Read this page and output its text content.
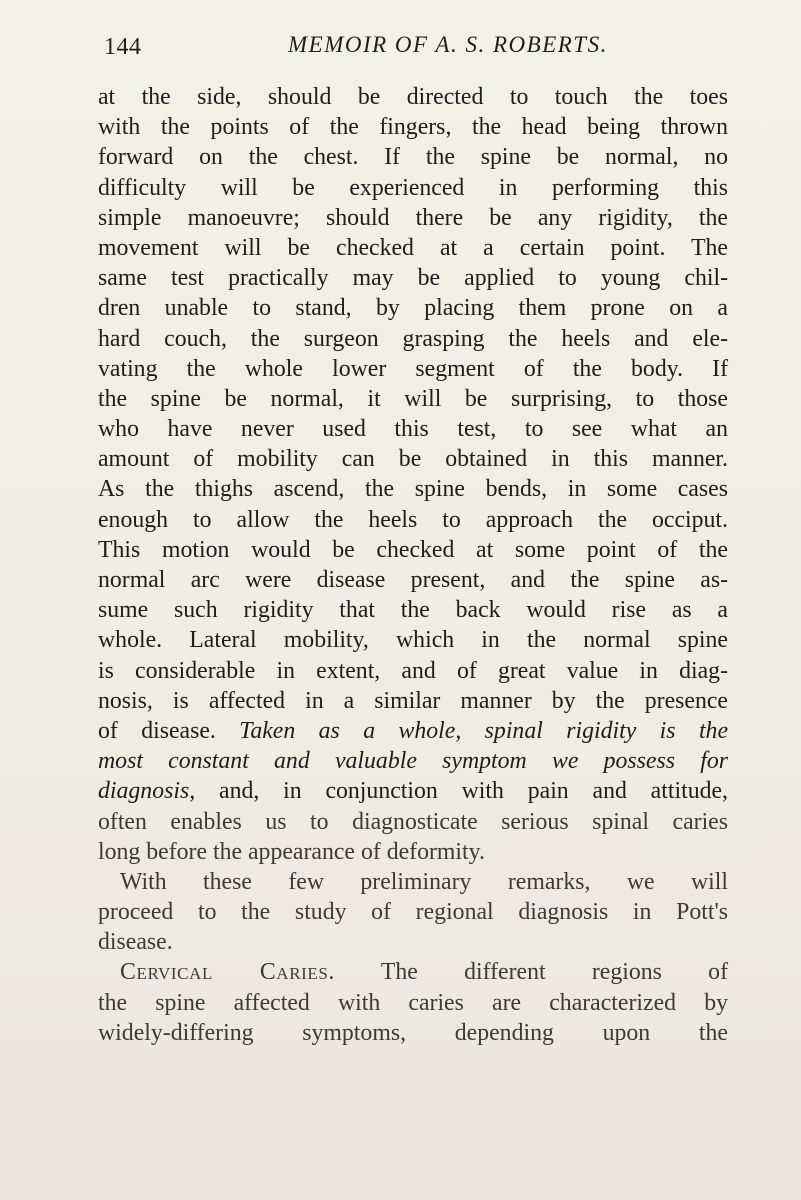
144	MEMOIR OF A. S. ROBERTS.
at the side, should be directed to touch the toes
with the points of the fingers, the head being thrown
forward on the chest. If the spine be normal, no
difficulty will be experienced in performing this
simple manoeuvre; should there be any rigidity, the
movement will be checked at a certain point. The
same test practically may be applied to young chil-
dren unable to stand, by placing them prone on a
hard couch, the surgeon grasping the heels and ele-
vating the whole lower segment of the body. If
the spine be normal, it will be surprising, to those
who have never used this test, to see what an
amount of mobility can be obtained in this manner.
As the thighs ascend, the spine bends, in some cases
enough to allow the heels to approach the occiput.
This motion would be checked at some point of the
normal arc were disease present, and the spine as-
sume such rigidity that the back would rise as a
whole. Lateral mobility, which in the normal spine
is considerable in extent, and of great value in diag-
nosis, is affected in a similar manner by the presence
of disease. Taken as a whole, spinal rigidity is the
most constant and valuable symptom we possess for
diagnosis, and, in conjunction with pain and attitude,
often enables us to diagnosticate serious spinal caries
long before the appearance of deformity.
With these few preliminary remarks, we will
proceed to the study of regional diagnosis in Pott's
disease.
Cervical Caries. The different regions of
the spine affected with caries are characterized by
widely-differing symptoms, depending upon the
